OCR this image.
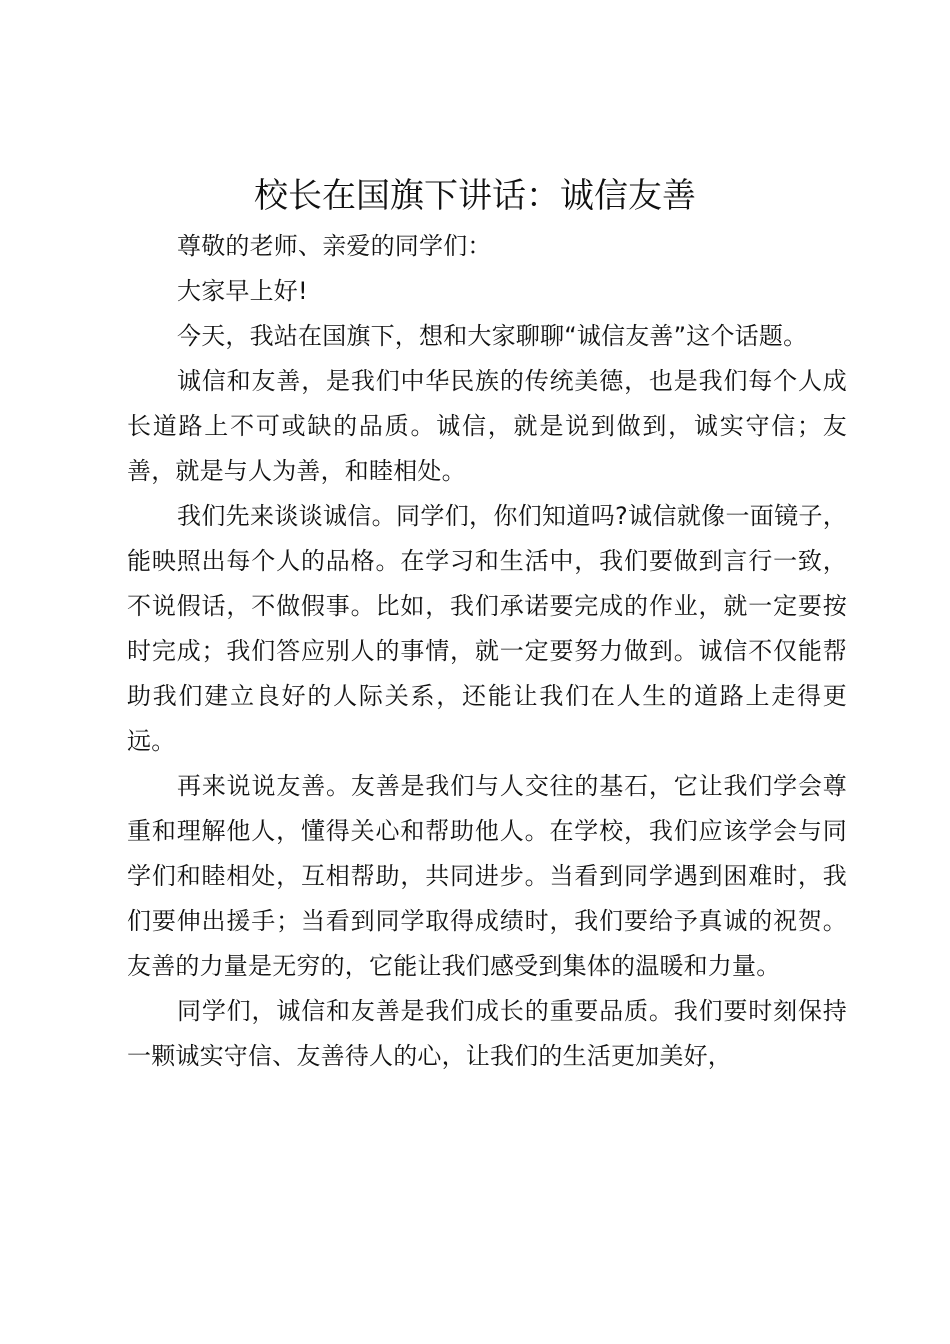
校长在国旗下讲话：诚信友善

尊敬的老师、亲爱的同学们：

大家早上好!

今天，我站在国旗下，想和大家聊聊“诚信友善”这个话题。

诚信和友善，是我们中华民族的传统美德，也是我们每个人成长道路上不可或缺的品质。诚信，就是说到做到，诚实守信；友善，就是与人为善，和睦相处。

我们先来谈谈诚信。同学们，你们知道吗?诚信就像一面镜子，能映照出每个人的品格。在学习和生活中，我们要做到言行一致，不说假话，不做假事。比如，我们承诺要完成的作业，就一定要按时完成；我们答应别人的事情，就一定要努力做到。诚信不仅能帮助我们建立良好的人际关系，还能让我们在人生的道路上走得更远。

再来说说友善。友善是我们与人交往的基石，它让我们学会尊重和理解他人，懂得关心和帮助他人。在学校，我们应该学会与同学们和睦相处，互相帮助，共同进步。当看到同学遇到困难时，我们要伸出援手；当看到同学取得成绩时，我们要给予真诚的祝贺。友善的力量是无穷的，它能让我们感受到集体的温暖和力量。

同学们，诚信和友善是我们成长的重要品质。我们要时刻保持一颗诚实守信、友善待人的心，让我们的生活更加美好，
